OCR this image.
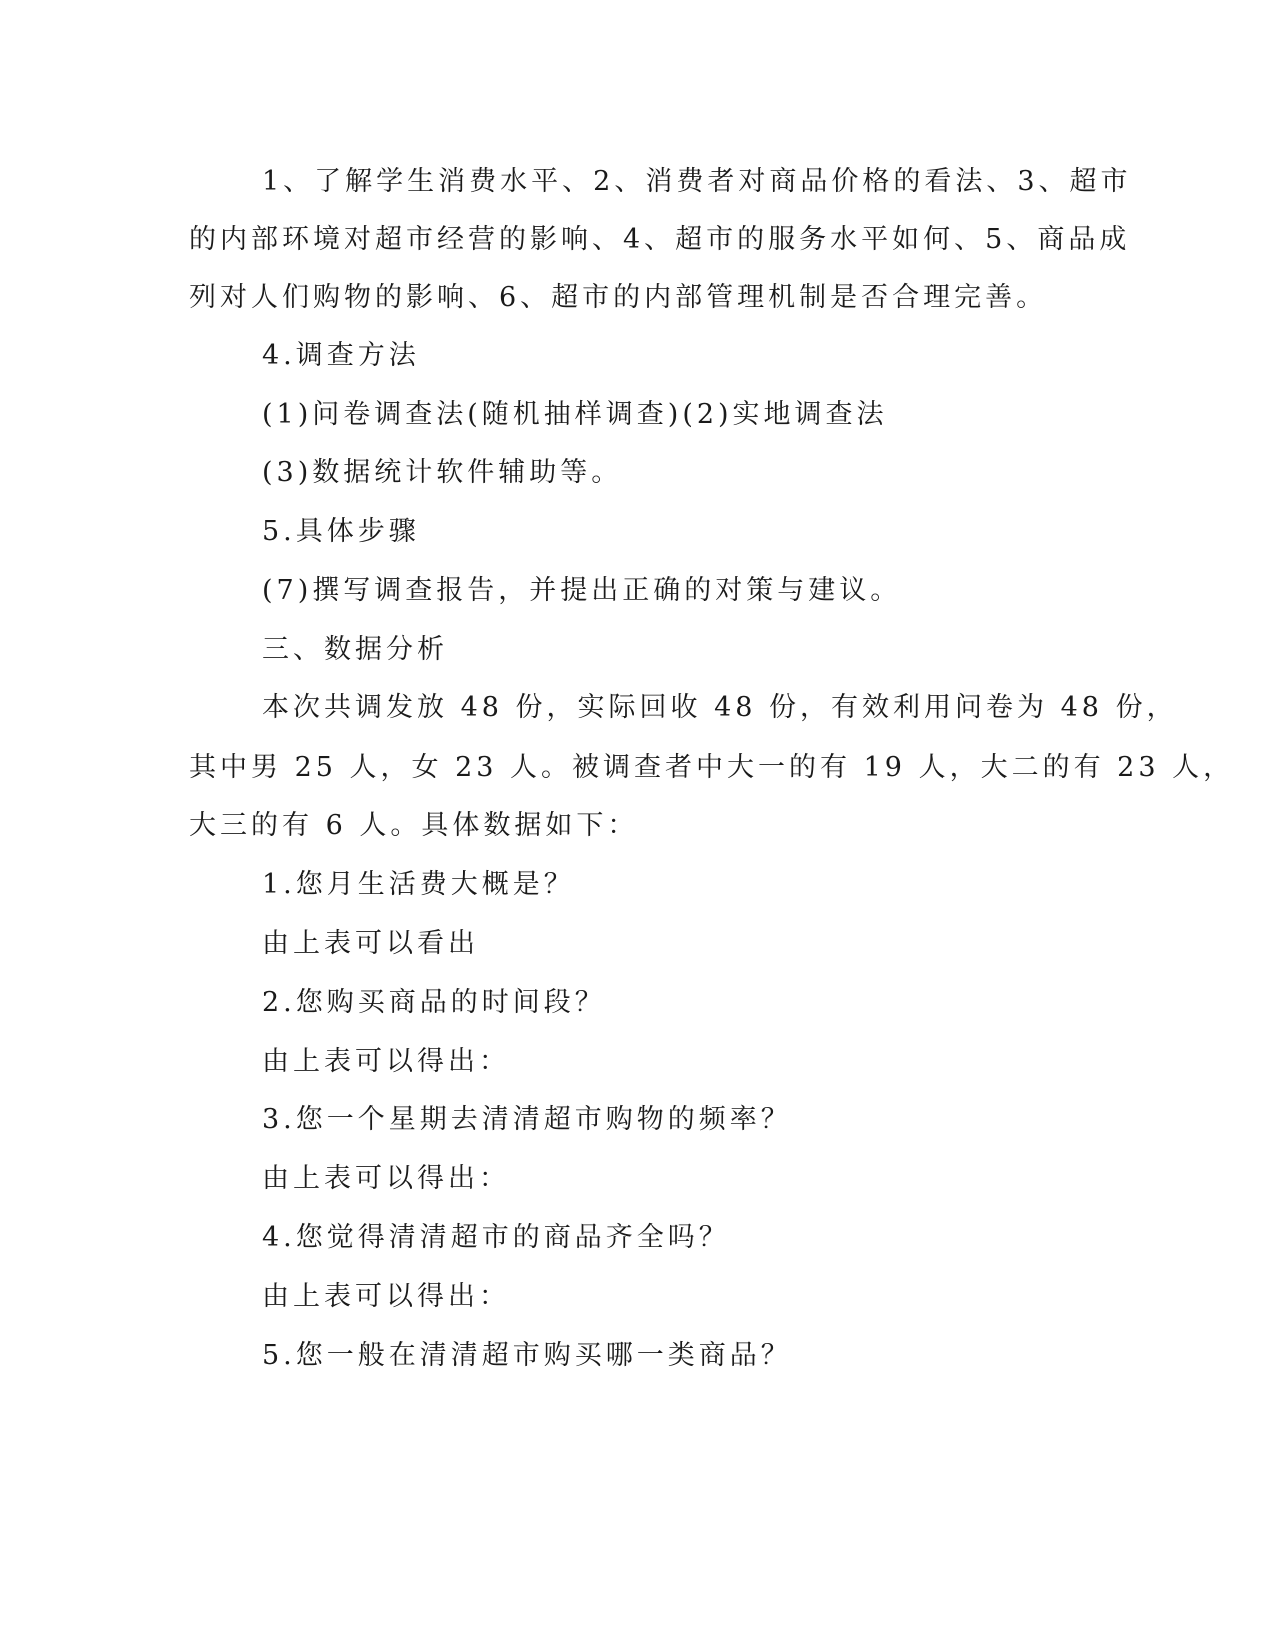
1、了解学生消费水平、2、消费者对商品价格的看法、3、超市
的内部环境对超市经营的影响、4、超市的服务水平如何、5、商品成
列对人们购物的影响、6、超市的内部管理机制是否合理完善。
4.调查方法
(1)问卷调查法(随机抽样调查)(2)实地调查法
(3)数据统计软件辅助等。
5.具体步骤
(7)撰写调查报告，并提出正确的对策与建议。
三、数据分析
本次共调发放 48 份，实际回收 48 份，有效利用问卷为 48 份，
其中男 25 人，女 23 人。被调查者中大一的有 19 人，大二的有 23 人，
大三的有 6 人。具体数据如下：
1.您月生活费大概是？
由上表可以看出
2.您购买商品的时间段？
由上表可以得出：
3.您一个星期去清清超市购物的频率？
由上表可以得出：
4.您觉得清清超市的商品齐全吗？
由上表可以得出：
5.您一般在清清超市购买哪一类商品？
